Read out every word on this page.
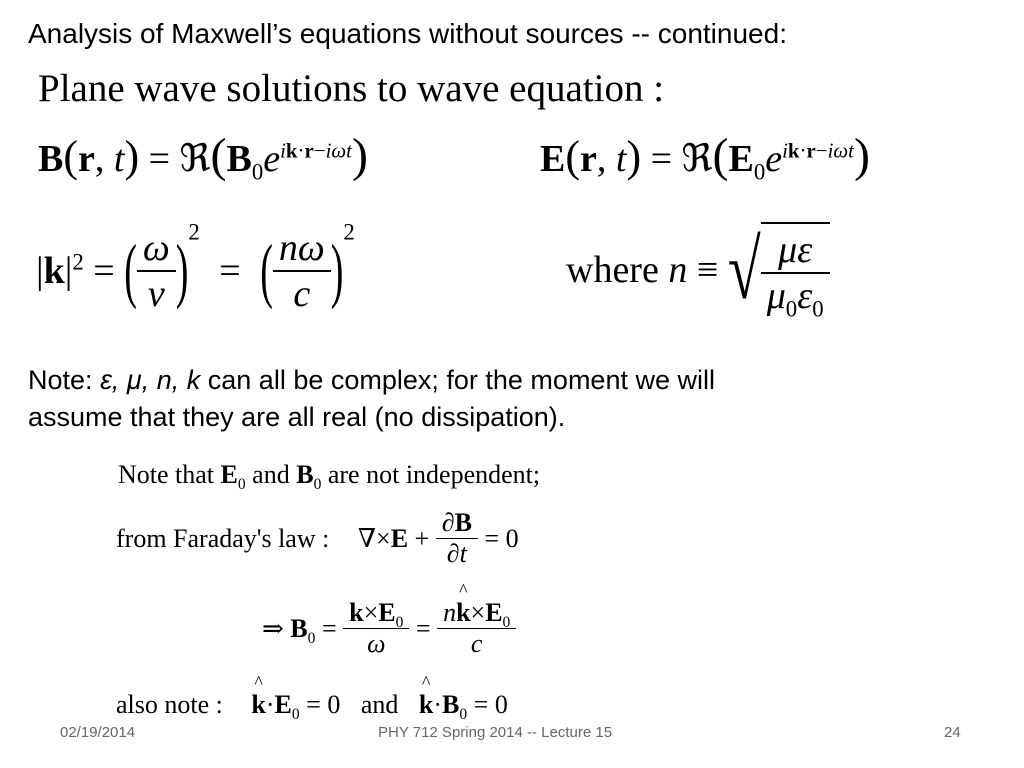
Analysis of Maxwell’s equations without sources -- continued:
Plane wave solutions to wave equation :
B(r, $t) = ℜ(B_0e^{ik\cdot r-i\omega t})$	E(r, $t) = ℜ(E_0e^{ik\cdot r-i\omega t})$
$|k|^2$ = ( $\frac{\omega}{v} )^2$ = ( $\frac{n\omega}{c} )^2$
where n ≡ √ $\frac{\mu\varepsilon}{\mu_0\varepsilon_0}$
Note: ε, μ, n, k can all be complex; for the moment we will
assume that they are all real (no dissipation).
Note that $E_0$ and $B_0$ are not independent;
from Faraday's law : $\nabla\times E + \frac{\partial B}{\partial t} = 0$
⇒ $B_0 = \frac{k\times E_0}{\omega} = \frac{n\^{} k\times E_0}{c}$
also note : ^ $k\cdot E_0 = 0$ and ^ $k\cdot B_0 = 0$
02/19/2014	PHY 712 Spring 2014 -- Lecture 15	24
